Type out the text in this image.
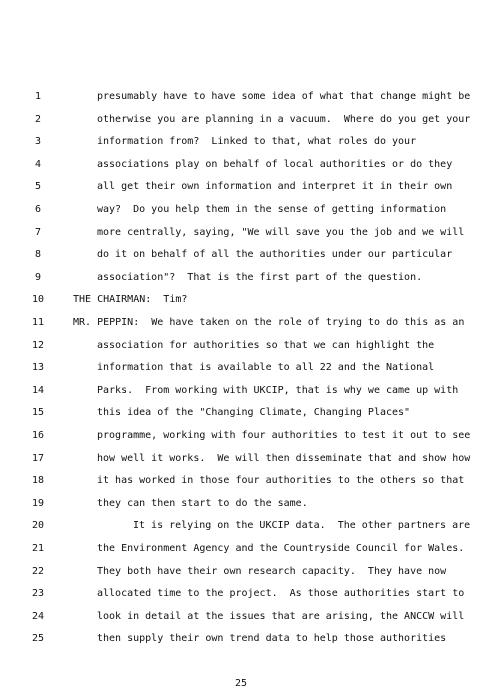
1	presumably have to have some idea of what that change might be
2	otherwise you are planning in a vacuum.  Where do you get your
3	information from?  Linked to that, what roles do your
4	associations play on behalf of local authorities or do they
5	all get their own information and interpret it in their own
6	way?  Do you help them in the sense of getting information
7	more centrally, saying, "We will save you the job and we will
8	do it on behalf of all the authorities under our particular
9	association"?  That is the first part of the question.
10	THE CHAIRMAN:  Tim?
11	MR. PEPPIN:  We have taken on the role of trying to do this as an
12	association for authorities so that we can highlight the
13	information that is available to all 22 and the National
14	Parks.  From working with UKCIP, that is why we came up with
15	this idea of the "Changing Climate, Changing Places"
16	programme, working with four authorities to test it out to see
17	how well it works.  We will then disseminate that and show how
18	it has worked in those four authorities to the others so that
19	they can then start to do the same.
20	It is relying on the UKCIP data.  The other partners are
21	the Environment Agency and the Countryside Council for Wales.
22	They both have their own research capacity.  They have now
23	allocated time to the project.  As those authorities start to
24	look in detail at the issues that are arising, the ANCCW will
25	then supply their own trend data to help those authorities
25
